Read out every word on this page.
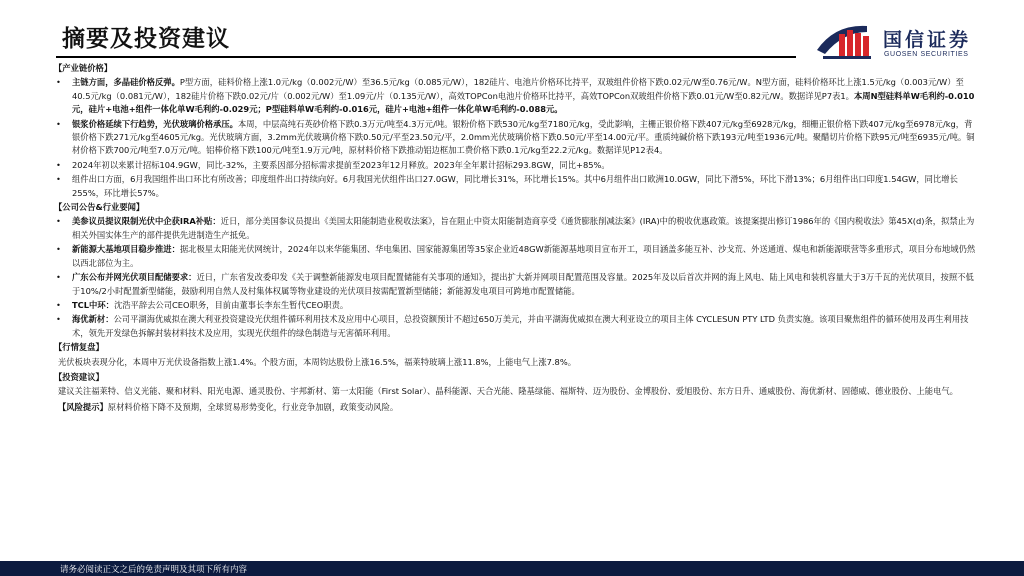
摘要及投资建议	国信证券
GUOSEN SECURITIES
【产业链价格】
• 主链方面，多晶硅价格反弹。P型方面，硅料价格上涨1.0元/kg（0.002元/W）至36.5元/kg（0.085元/W），182硅片、电池片价格环比持平，双玻组件价格下跌0.02元/W至0.76元/W。N型方面，硅料价格环比上涨1.5元/kg（0.003元/W）至40.5元/kg（0.081元/W），182硅片价格下跌0.02元/片（0.002元/W）至1.09元/片（0.135元/W），高效TOPCon电池片价格环比持平，高效TOPCon双玻组件价格下跌0.01元/W至0.82元/W。数据详见P7表1。本周N型硅料单W毛利约-0.010元，硅片+电池+组件一体化单W毛利约-0.029元；P型硅料单W毛利约-0.016元，硅片+电池+组件一体化单W毛利约-0.088元。
• 银浆价格延续下行趋势，光伏玻璃价格承压。本周，中层高纯石英砂价格下跌0.3万元/吨至4.3万元/吨。银粉价格下跌530元/kg至7180元/kg，受此影响，主栅正银价格下跌407元/kg至6928元/kg，细栅正银价格下跌407元/kg至6978元/kg，背银价格下跌271元/kg至4605元/kg。光伏玻璃方面，3.2mm光伏玻璃价格下跌0.50元/平至23.50元/平，2.0mm光伏玻璃价格下跌0.50元/平至14.00元/平。重质纯碱价格下跌193元/吨至1936元/吨。聚醋切片价格下跌95元/吨至6935元/吨。铜材价格下跌700元/吨至7.0万元/吨。铝棒价格下跌100元/吨至1.9万元/吨，原材料价格下跌推动铝边框加工费价格下跌0.1元/kg至22.2元/kg。数据详见P12表4。
• 2024年初以来累计招标104.9GW，同比-32%，主要系因部分招标需求提前至2023年12月释放。2023年全年累计招标293.8GW，同比+85%。
• 组件出口方面，6月我国组件出口环比有所改善；印度组件出口持续向好。6月我国光伏组件出口27.0GW，同比增长31%，环比增长15%。其中6月组件出口欧洲10.0GW，同比下滑5%，环比下滑13%；6月组件出口印度1.54GW，同比增长255%，环比增长57%。
【公司公告&行业要闻】
• 美参议员提议限制光伏中企获IRA补贴：近日，部分美国参议员提出《美国太阳能制造业税收法案》，旨在阻止中资太阳能制造商享受《通货膨胀削减法案》(IRA)中的税收优惠政策。该提案提出修订1986年的《国内税收法》第45X(d)条，拟禁止为相关外国实体生产的部件提供先进制造生产抵免。
• 新能源大基地项目稳步推进：据北极星太阳能光伏网统计，2024年以来华能集团、华电集团、国家能源集团等35家企业近48GW新能源基地项目宣布开工，项目涵盖多能互补、沙戈荒、外送通道、煤电和新能源联营等多重形式，项目分布地域仍然以西北部位为主。
• 广东公布并网光伏项目配储要求：近日，广东省发改委印发《关于调整新能源发电项目配置储能有关事项的通知》，提出扩大新并网项目配置范围及容量。2025年及以后首次并网的海上风电、陆上风电和装机容量大于3万千瓦的光伏项目，按照不低于10%/2小时配置新型储能，鼓励利用自然人及村集体权属等物业建设的光伏项目按需配置新型储能；新能源发电项目可跨地市配置储能。
• TCL中环：沈浩平辞去公司CEO职务，目前由董事长李东生暂代CEO职责。
• 海优新材：公司平湖海优威拟在澳大利亚投资建设光伏组件循环利用技术及应用中心项目，总投资额预计不超过650万美元，并由平湖海优威拟在澳大利亚设立的项目主体 CYCLESUN PTY LTD 负责实施。该项目聚焦组件的循环使用及再生利用技术，领先开发绿色拆解封装材料技术及应用，实现光伏组件的绿色制造与无害循环利用。
【行情复盘】
光伏板块表现分化，本周申万光伏设备指数上涨1.4%。个股方面，本周钧达股份上涨16.5%，福莱特玻璃上涨11.8%，上能电气上涨7.8%。
【投资建议】
建议关注福莱特、信义光能、聚和材料、阳光电源、通灵股份、宇邦新材、第一太阳能（First Solar）、晶科能源、天合光能、隆基绿能、福斯特、迈为股份、金博股份、爱旭股份、东方日升、通威股份、海优新材、固德威、德业股份、上能电气。
【风险提示】原材料价格下降不及预期，全球贸易形势变化，行业竞争加剧，政策变动风险。
请务必阅读正文之后的免责声明及其项下所有内容
